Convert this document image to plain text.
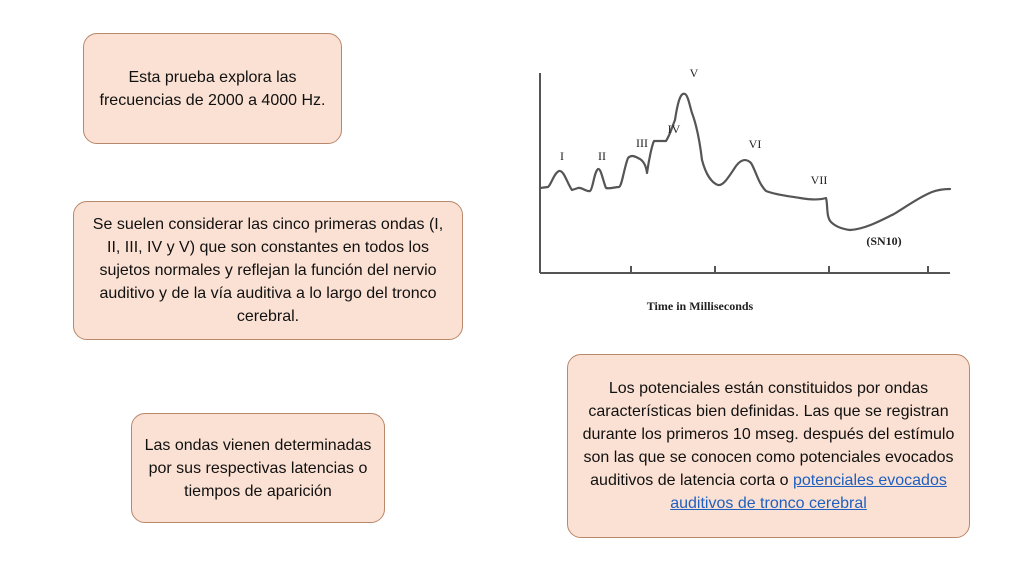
Esta prueba explora las frecuencias de 2000 a 4000 Hz.
Se suelen considerar las cinco primeras ondas (I, II, III, IV y V) que son constantes en todos los sujetos normales y reflejan la función del nervio auditivo y de la vía auditiva a lo largo del tronco cerebral.
Las ondas vienen determinadas por sus respectivas latencias o tiempos de aparición
Los potenciales están constituidos por ondas características bien definidas. Las que se registran durante los primeros 10 mseg. después del estímulo son las que se conocen como potenciales evocados auditivos de latencia corta o potenciales evocados auditivos de tronco cerebral
I	II
III
IV
V
VI
VII
(SN10)
Time in Milliseconds
